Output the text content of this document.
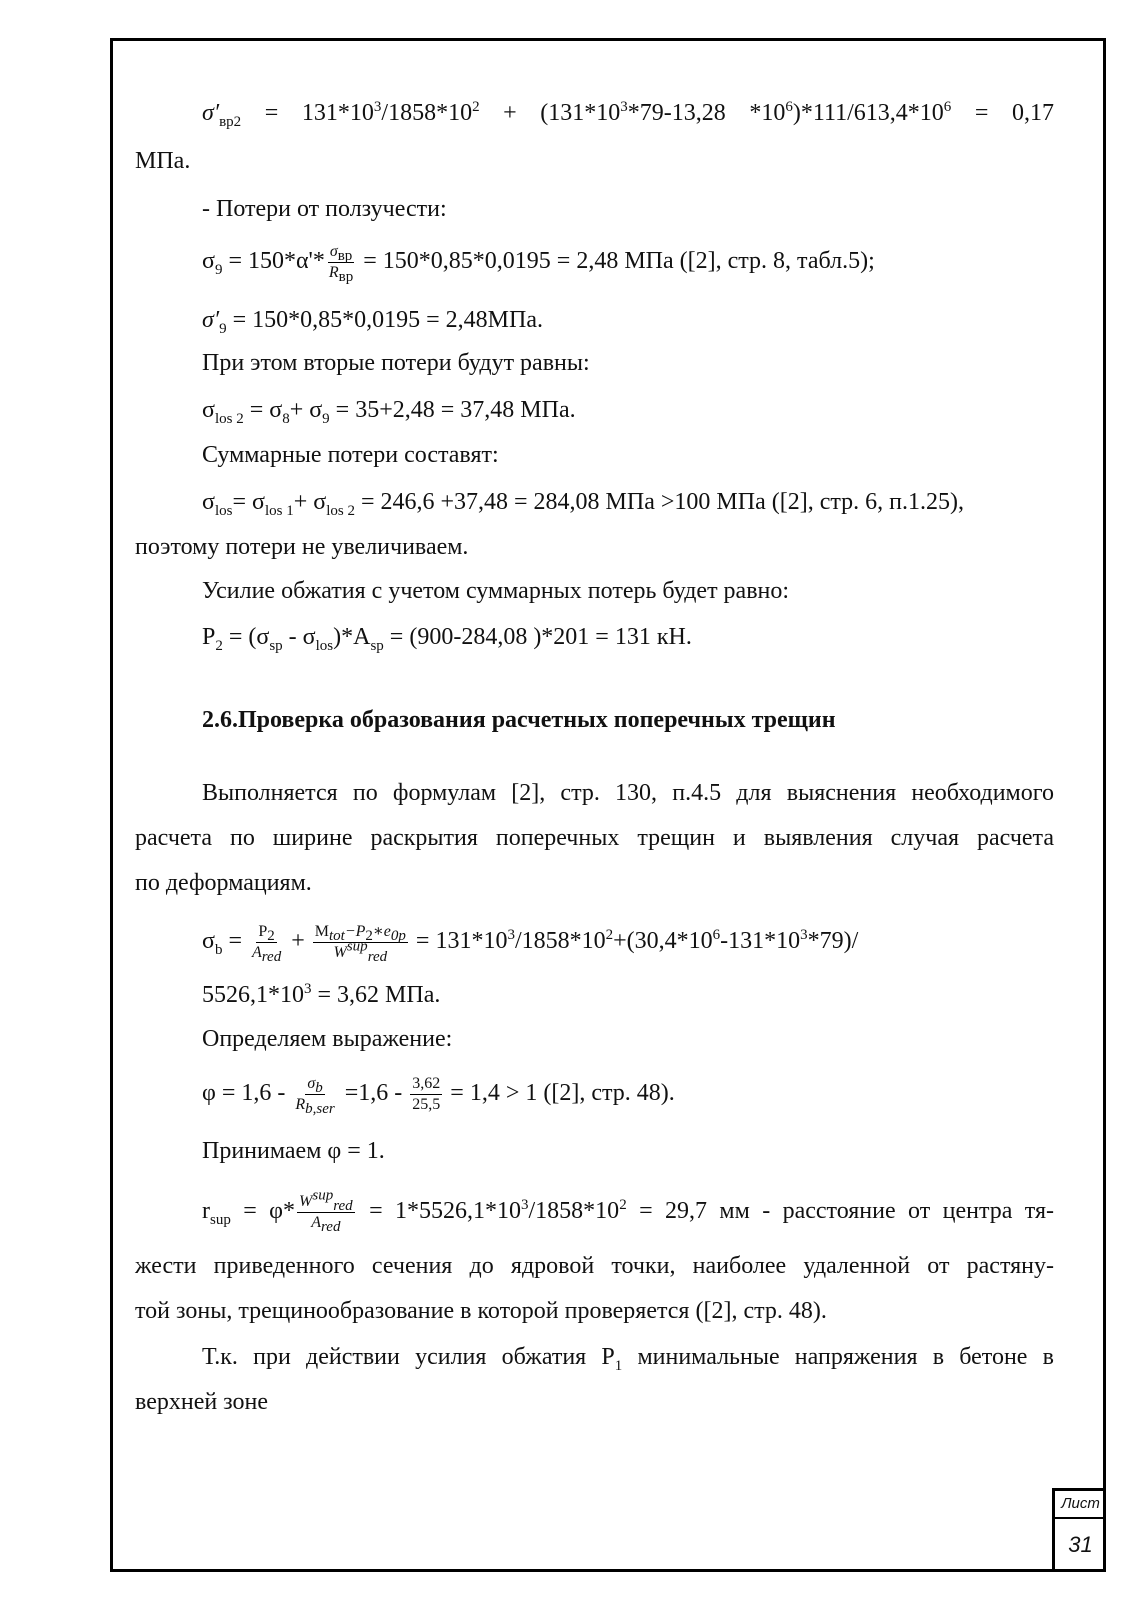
$\sigma'_{вр2} = 131*10^3/1858*10^2 + (131*10^3*79-13,28$ $*10^6)*111/613,4*10^6 = 0,17$
МПа.
- Потери от ползучести:
$\sigma_9 = 150*\alpha'* \frac{\sigma_{вр}}{R_{вр}} = 150*0,85*0,0195 = 2,48$ МПа ([2], стр. 8, табл.5);
$\sigma'_9 = 150*0,85*0,0195 = 2,48МПа$.
При этом вторые потери будут равны:
$\sigma_{los 2} = \sigma_8+ \sigma_9 = 35+2,48 = 37,48$ МПа.
Суммарные потери составят:
$\sigma_{los}= \sigma_{los 1}+ \sigma_{los 2} = 246,6 +37,48 = 284,08$ МПа >100 МПа ([2], стр. 6, п.1.25),
поэтому потери не увеличиваем.
Усилие обжатия с учетом суммарных потерь будет равно:
$P_2 = (\sigma_{sp} - \sigma_{los})*A_{sp} = (900-284,08$ )*201 = 131 кН.
2.6.Проверка образования расчетных поперечных трещин
Выполняется по формулам [2], стр. 130, п.4.5 для выяснения необходимого
расчета по ширине раскрытия поперечных трещин и выявления случая расчета
по деформациям.
$\sigma_b = \frac{P_2}{A_{red}} + \frac{M_{tot}-P_2∗e_{0p}}{W^{sup}_{red}} = 131*10^3/1858*10^2+(30,4*10^6-131*10^3*79)/$
$5526,1*10^3 = 3,62$ МПа.
Определяем выражение:
$\varphi = 1,6 - \frac{\sigma_b}{R_{b,ser}} =1,6 - \frac{3,62}{25,5} = 1,4 > 1$ ([2], стр. 48).
Принимаем φ = 1.
$r_{sup} = \varphi* \frac{W^{sup}_{red}}{A_{red}} = 1*5526,1*10^3/1858*10^2 = 29,7$ мм - расстояние от центра тя-
жести приведенного сечения до ядровой точки, наиболее удаленной от растяну-
той зоны, трещинообразование в которой проверяется ([2], стр. 48).
Т.к. при действии усилия обжатия $Р_1$ минимальные напряжения в бетоне в
верхней зоне
Лист
31
